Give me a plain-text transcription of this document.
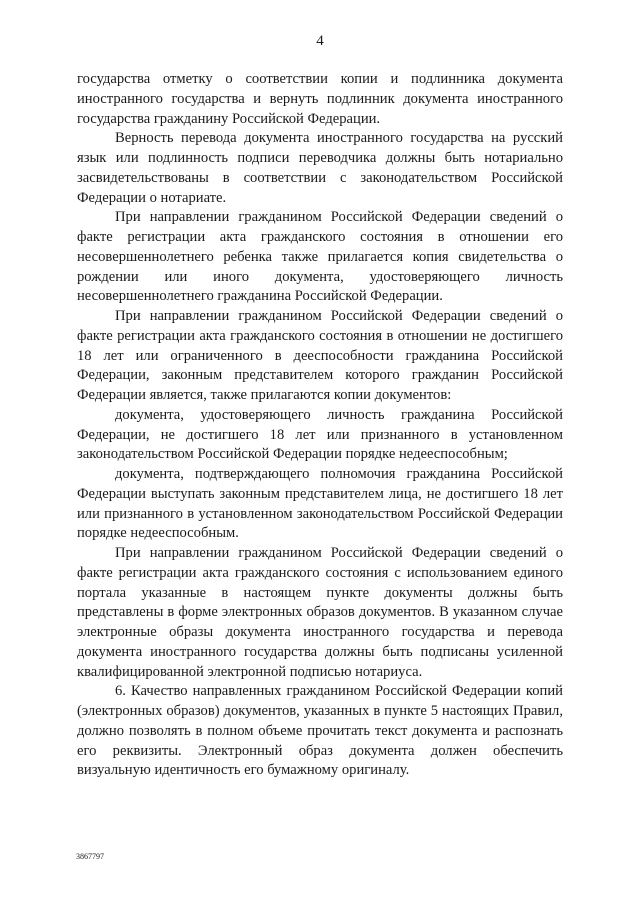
4

государства отметку о соответствии копии и подлинника документа иностранного государства и вернуть подлинник документа иностранного государства гражданину Российской Федерации.

Верность перевода документа иностранного государства на русский язык или подлинность подписи переводчика должны быть нотариально засвидетельствованы в соответствии с законодательством Российской Федерации о нотариате.

При направлении гражданином Российской Федерации сведений о факте регистрации акта гражданского состояния в отношении его несовершеннолетнего ребенка также прилагается копия свидетельства о рождении или иного документа, удостоверяющего личность несовершеннолетнего гражданина Российской Федерации.

При направлении гражданином Российской Федерации сведений о факте регистрации акта гражданского состояния в отношении не достигшего 18 лет или ограниченного в дееспособности гражданина Российской Федерации, законным представителем которого гражданин Российской Федерации является, также прилагаются копии документов:

документа, удостоверяющего личность гражданина Российской Федерации, не достигшего 18 лет или признанного в установленном законодательством Российской Федерации порядке недееспособным;

документа, подтверждающего полномочия гражданина Российской Федерации выступать законным представителем лица, не достигшего 18 лет или признанного в установленном законодательством Российской Федерации порядке недееспособным.

При направлении гражданином Российской Федерации сведений о факте регистрации акта гражданского состояния с использованием единого портала указанные в настоящем пункте документы должны быть представлены в форме электронных образов документов. В указанном случае электронные образы документа иностранного государства и перевода документа иностранного государства должны быть подписаны усиленной квалифицированной электронной подписью нотариуса.

6. Качество направленных гражданином Российской Федерации копий (электронных образов) документов, указанных в пункте 5 настоящих Правил, должно позволять в полном объеме прочитать текст документа и распознать его реквизиты. Электронный образ документа должен обеспечить визуальную идентичность его бумажному оригиналу.

3867797
